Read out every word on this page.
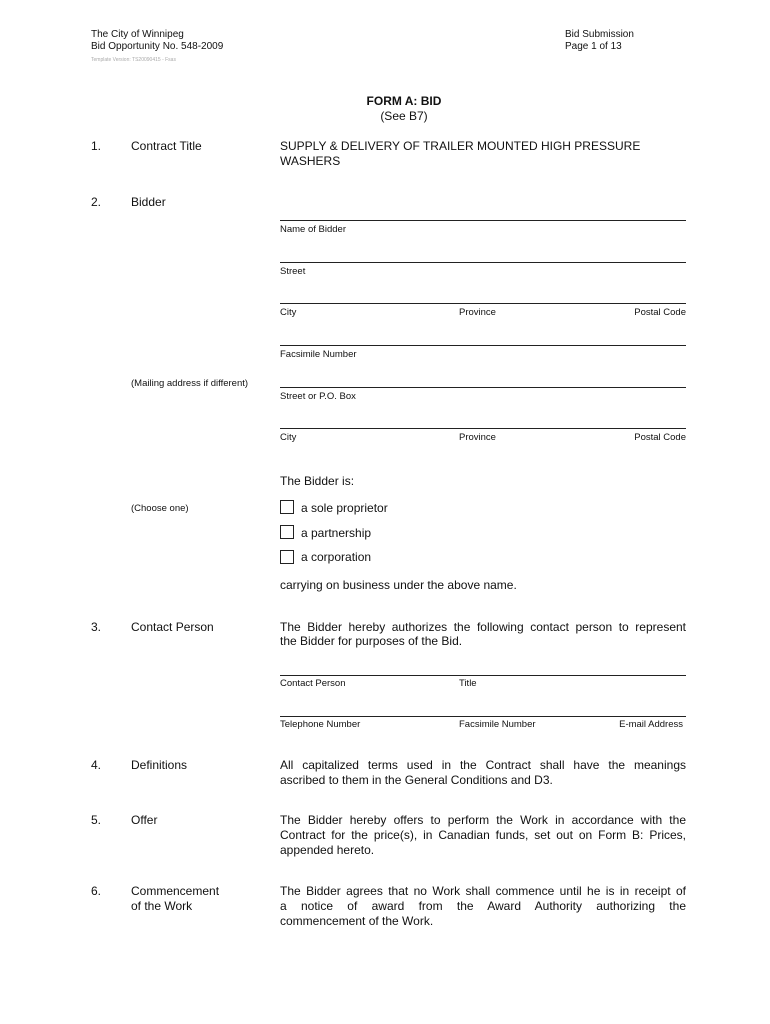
The City of Winnipeg
Bid Opportunity No. 548-2009
Template Version: TS20090415 - Fsas
Bid Submission
Page 1 of 13
FORM A: BID
(See B7)
1. Contract Title	SUPPLY & DELIVERY OF TRAILER MOUNTED HIGH PRESSURE
WASHERS
2. Bidder
Name of Bidder
Street
City	Province	Postal Code
Facsimile Number
(Mailing address if different)
Street or P.O. Box
City	Province	Postal Code
The Bidder is:
(Choose one)	a sole proprietor
a partnership
a corporation
carrying on business under the above name.
3. Contact Person	The Bidder hereby authorizes the following contact person to represent
the Bidder for purposes of the Bid.
Contact Person	Title
Telephone Number	Facsimile Number	E-mail Address
4. Definitions	All capitalized terms used in the Contract shall have the meanings
ascribed to them in the General Conditions and D3.
5. Offer	The Bidder hereby offers to perform the Work in accordance with the
Contract for the price(s), in Canadian funds, set out on Form B: Prices,
appended hereto.
6. Commencement
of the Work
The Bidder agrees that no Work shall commence until he is in receipt of
a notice of award from the Award Authority authorizing the
commencement of the Work.
